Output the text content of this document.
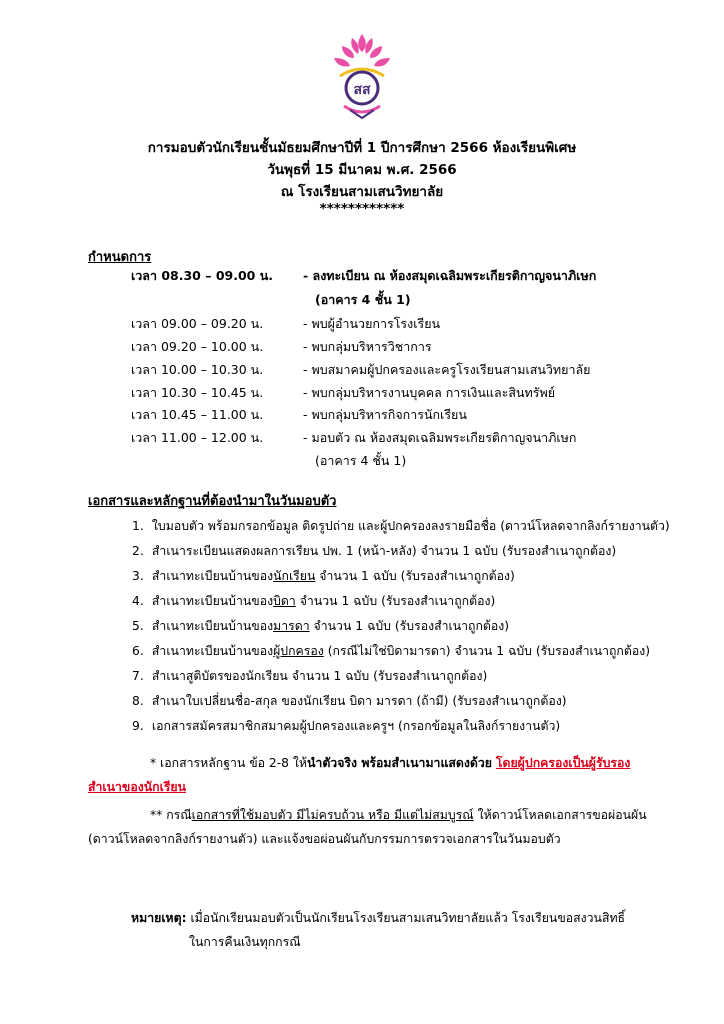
สส
การมอบตัวนักเรียนชั้นมัธยมศึกษาปีที่ 1 ปีการศึกษา 2566 ห้องเรียนพิเศษ
วันพุธที่ 15 มีนาคม พ.ศ. 2566
ณ โรงเรียนสามเสนวิทยาลัย
************
กำหนดการ
เวลา 08.30 – 09.00 น. - ลงทะเบียน ณ ห้องสมุดเฉลิมพระเกียรติกาญจนาภิเษก
(อาคาร 4 ชั้น 1)
เวลา 09.00 – 09.20 น.	- พบผู้อำนวยการโรงเรียน
เวลา 09.20 – 10.00 น.	- พบกลุ่มบริหารวิชาการ
เวลา 10.00 – 10.30 น.	- พบสมาคมผู้ปกครองและครูโรงเรียนสามเสนวิทยาลัย
เวลา 10.30 – 10.45 น.	- พบกลุ่มบริหารงานบุคคล การเงินและสินทรัพย์
เวลา 10.45 – 11.00 น.	- พบกลุ่มบริหารกิจการนักเรียน
เวลา 11.00 – 12.00 น.	- มอบตัว ณ ห้องสมุดเฉลิมพระเกียรติกาญจนาภิเษก
(อาคาร 4 ชั้น 1)
เอกสารและหลักฐานที่ต้องนำมาในวันมอบตัว
1. ใบมอบตัว พร้อมกรอกข้อมูล ติดรูปถ่าย และผู้ปกครองลงรายมือชื่อ (ดาวน์โหลดจากลิงก์รายงานตัว)
2. สำเนาระเบียนแสดงผลการเรียน ปพ. 1 (หน้า-หลัง) จำนวน 1 ฉบับ (รับรองสำเนาถูกต้อง)
3. สำเนาทะเบียนบ้านของนักเรียน จำนวน 1 ฉบับ (รับรองสำเนาถูกต้อง)
4. สำเนาทะเบียนบ้านของบิดา จำนวน 1 ฉบับ (รับรองสำเนาถูกต้อง)
5. สำเนาทะเบียนบ้านของมารดา จำนวน 1 ฉบับ (รับรองสำเนาถูกต้อง)
6. สำเนาทะเบียนบ้านของผู้ปกครอง (กรณีไม่ใช่บิดามารดา) จำนวน 1 ฉบับ (รับรองสำเนาถูกต้อง)
7. สำเนาสูติบัตรของนักเรียน จำนวน 1 ฉบับ (รับรองสำเนาถูกต้อง)
8. สำเนาใบเปลี่ยนชื่อ-สกุล ของนักเรียน บิดา มารดา (ถ้ามี) (รับรองสำเนาถูกต้อง)
9. เอกสารสมัครสมาชิกสมาคมผู้ปกครองและครูฯ (กรอกข้อมูลในลิงก์รายงานตัว)
* เอกสารหลักฐาน ข้อ 2-8 ให้นำตัวจริง พร้อมสำเนามาแสดงด้วย โดยผู้ปกครองเป็นผู้รับรอง
สำเนาของนักเรียน
** กรณีเอกสารที่ใช้มอบตัว มีไม่ครบถ้วน หรือ มีแต่ไม่สมบูรณ์ ให้ดาวน์โหลดเอกสารขอผ่อนผัน
(ดาวน์โหลดจากลิงก์รายงานตัว) และแจ้งขอผ่อนผันกับกรรมการตรวจเอกสารในวันมอบตัว
หมายเหตุ: เมื่อนักเรียนมอบตัวเป็นนักเรียนโรงเรียนสามเสนวิทยาลัยแล้ว โรงเรียนขอสงวนสิทธิ์
ในการคืนเงินทุกกรณี
